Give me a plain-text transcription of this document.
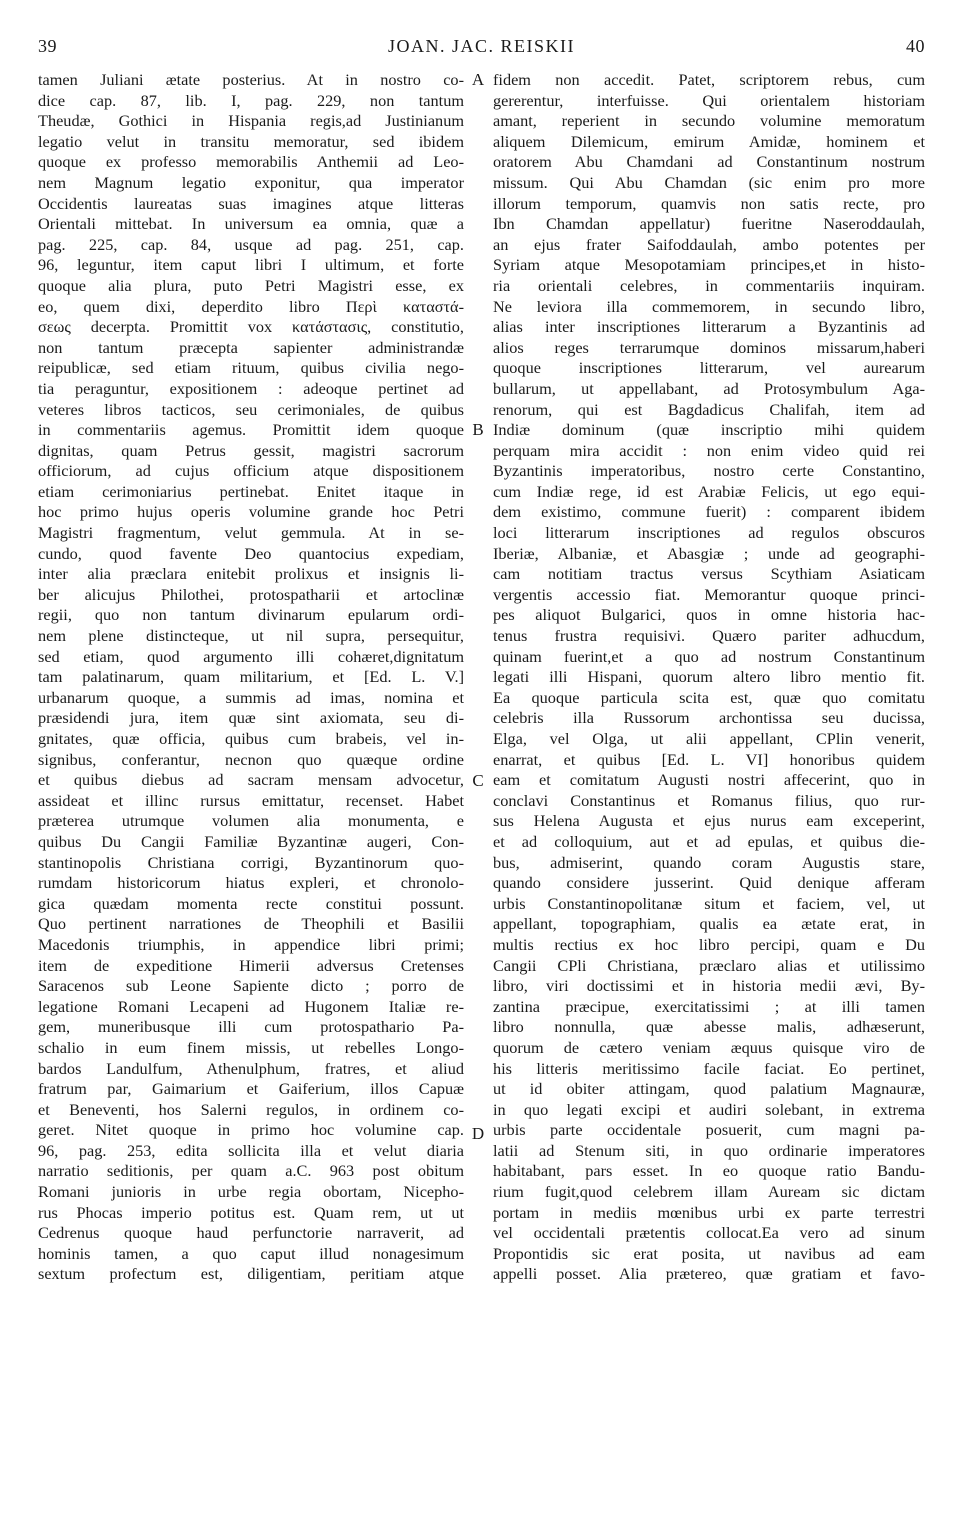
39	JOAN. JAC. REISKII	40
tamen Juliani ætate posterius. At in nostro co-
dice cap. 87, lib. I, pag. 229, non tantum
Theudæ, Gothici in Hispania regis,ad Justinianum
legatio velut in transitu memoratur, sed ibidem
quoque ex professo memorabilis Anthemii ad Leo-
nem Magnum legatio exponitur, qua imperator
Occidentis laureatas suas imagines atque litteras
Orientali mittebat. In universum ea omnia, quæ a
pag. 225, cap. 84, usque ad pag. 251, cap.
96, leguntur, item caput libri I ultimum, et forte
quoque alia plura, puto Petri Magistri esse, ex
eo, quem dixi, deperdito libro Περὶ καταστά-
σεως decerpta. Promittit vox κατάστασις, constitutio,
non tantum præcepta sapienter administrandæ
reipublicæ, sed etiam rituum, quibus civilia nego-
tia peraguntur, expositionem : adeoque pertinet ad
veteres libros tacticos, seu cerimoniales, de quibus
in commentariis agemus. Promittit idem quoque
dignitas, quam Petrus gessit, magistri sacrorum
officiorum, ad cujus officium atque dispositionem
etiam cerimoniarius pertinebat. Enitet itaque in
hoc primo hujus operis volumine grande hoc Petri
Magistri fragmentum, velut gemmula. At in se-
cundo, quod favente Deo quantocius expediam,
inter alia præclara enitebit prolixus et insignis li-
ber alicujus Philothei, protospatharii et artoclinæ
regii, quo non tantum divinarum epularum ordi-
nem plene distincteque, ut nil supra, persequitur,
sed etiam, quod argumento illi cohæret,dignitatum
tam palatinarum, quam militarium, et [Ed. L. V.]
urbanarum quoque, a summis ad imas, nomina et
præsidendi jura, item quæ sint axiomata, seu di-
gnitates, quæ officia, quibus cum brabeis, vel in-
signibus, conferantur, necnon quo quæque ordine
et quibus diebus ad sacram mensam advocetur,
assideat et illinc rursus emittatur, recenset. Habet
præterea utrumque volumen alia monumenta, e
quibus Du Cangii Familiæ Byzantinæ augeri, Con-
stantinopolis Christiana corrigi, Byzantinorum quo-
rumdam historicorum hiatus expleri, et chronolo-
gica quædam momenta recte constitui possunt.
Quo pertinent narrationes de Theophili et Basilii
Macedonis triumphis, in appendice libri primi;
item de expeditione Himerii adversus Cretenses
Saracenos sub Leone Sapiente dicto ; porro de
legatione Romani Lecapeni ad Hugonem Italiæ re-
gem, muneribusque illi cum protospathario Pa-
schalio in eum finem missis, ut rebelles Longo-
bardos Landulfum, Athenulphum, fratres, et aliud
fratrum par, Gaimarium et Gaiferium, illos Capuæ
et Beneventi, hos Salerni regulos, in ordinem co-
geret. Nitet quoque in primo hoc volumine cap.
96, pag. 253, edita sollicita illa et velut diaria
narratio seditionis, per quam a.C. 963 post obitum
Romani junioris in urbe regia obortam, Nicepho-
rus Phocas imperio potitus est. Quam rem, ut ut
Cedrenus quoque haud perfunctorie narraverit, ad
hominis tamen, a quo caput illud nonagesimum
sextum profectum est, diligentiam, peritiam atque
A
B
C
D
fidem non accedit. Patet, scriptorem rebus, cum
gererentur, interfuisse. Qui orientalem historiam
amant, reperient in secundo volumine memoratum
aliquem Dilemicum, emirum Amidæ, hominem et
oratorem Abu Chamdani ad Constantinum nostrum
missum. Qui Abu Chamdan (sic enim pro more
illorum temporum, quamvis non satis recte, pro
Ibn Chamdan appellatur) fueritne Naseroddaulah,
an ejus frater Saifoddaulah, ambo potentes per
Syriam atque Mesopotamiam principes,et in histo-
ria orientali celebres, in commentariis inquiram.
Ne leviora illa commemorem, in secundo libro,
alias inter inscriptiones litterarum a Byzantinis ad
alios reges terrarumque dominos missarum,haberi
quoque inscriptiones litterarum, vel aurearum
bullarum, ut appellabant, ad Protosymbulum Aga-
renorum, qui est Bagdadicus Chalifah, item ad
Indiæ dominum (quæ inscriptio mihi quidem
perquam mira accidit : non enim video quid rei
Byzantinis imperatoribus, nostro certe Constantino,
cum Indiæ rege, id est Arabiæ Felicis, ut ego equi-
dem existimo, commune fuerit) : comparent ibidem
loci litterarum inscriptiones ad regulos obscuros
Iberiæ, Albaniæ, et Abasgiæ ; unde ad geographi-
cam notitiam tractus versus Scythiam Asiaticam
vergentis accessio fiat. Memorantur quoque princi-
pes aliquot Bulgarici, quos in omne historia hac-
tenus frustra requisivi. Quæro pariter adhucdum,
quinam fuerint,et a quo ad nostrum Constantinum
legati illi Hispani, quorum altero libro mentio fit.
Ea quoque particula scita est, quæ quo comitatu
celebris illa Russorum archontissa seu ducissa,
Elga, vel Olga, ut alii appellant, CPlin venerit,
enarrat, et quibus [Ed. L. VI] honoribus quidem
eam et comitatum Augusti nostri affecerint, quo in
conclavi Constantinus et Romanus filius, quo rur-
sus Helena Augusta et ejus nurus eam exceperint,
et ad colloquium, aut et ad epulas, et quibus die-
bus, admiserint, quando coram Augustis stare,
quando considere jusserint. Quid denique afferam
urbis Constantinopolitanæ situm et faciem, vel, ut
appellant, topographiam, qualis ea ætate erat, in
multis rectius ex hoc libro percipi, quam e Du
Cangii CPli Christiana, præclaro alias et utilissimo
libro, viri doctissimi et in historia medii ævi, By-
zantina præcipue, exercitatissimi ; at illi tamen
libro nonnulla, quæ abesse malis, adhæserunt,
quorum de cætero veniam æquus quisque viro de
his litteris meritissimo facile faciat. Eo pertinet,
ut id obiter attingam, quod palatium Magnauræ,
in quo legati excipi et audiri solebant, in extrema
urbis parte occidentale posuerit, cum magni pa-
latii ad Stenum siti, in quo ordinarie imperatores
habitabant, pars esset. In eo quoque ratio Bandu-
rium fugit,quod celebrem illam Auream sic dictam
portam in mediis mœnibus urbi ex parte terrestri
vel occidentali prætentis collocat.Ea vero ad sinum
Propontidis sic erat posita, ut navibus ad eam
appelli posset. Alia prætereo, quæ gratiam et favo-
